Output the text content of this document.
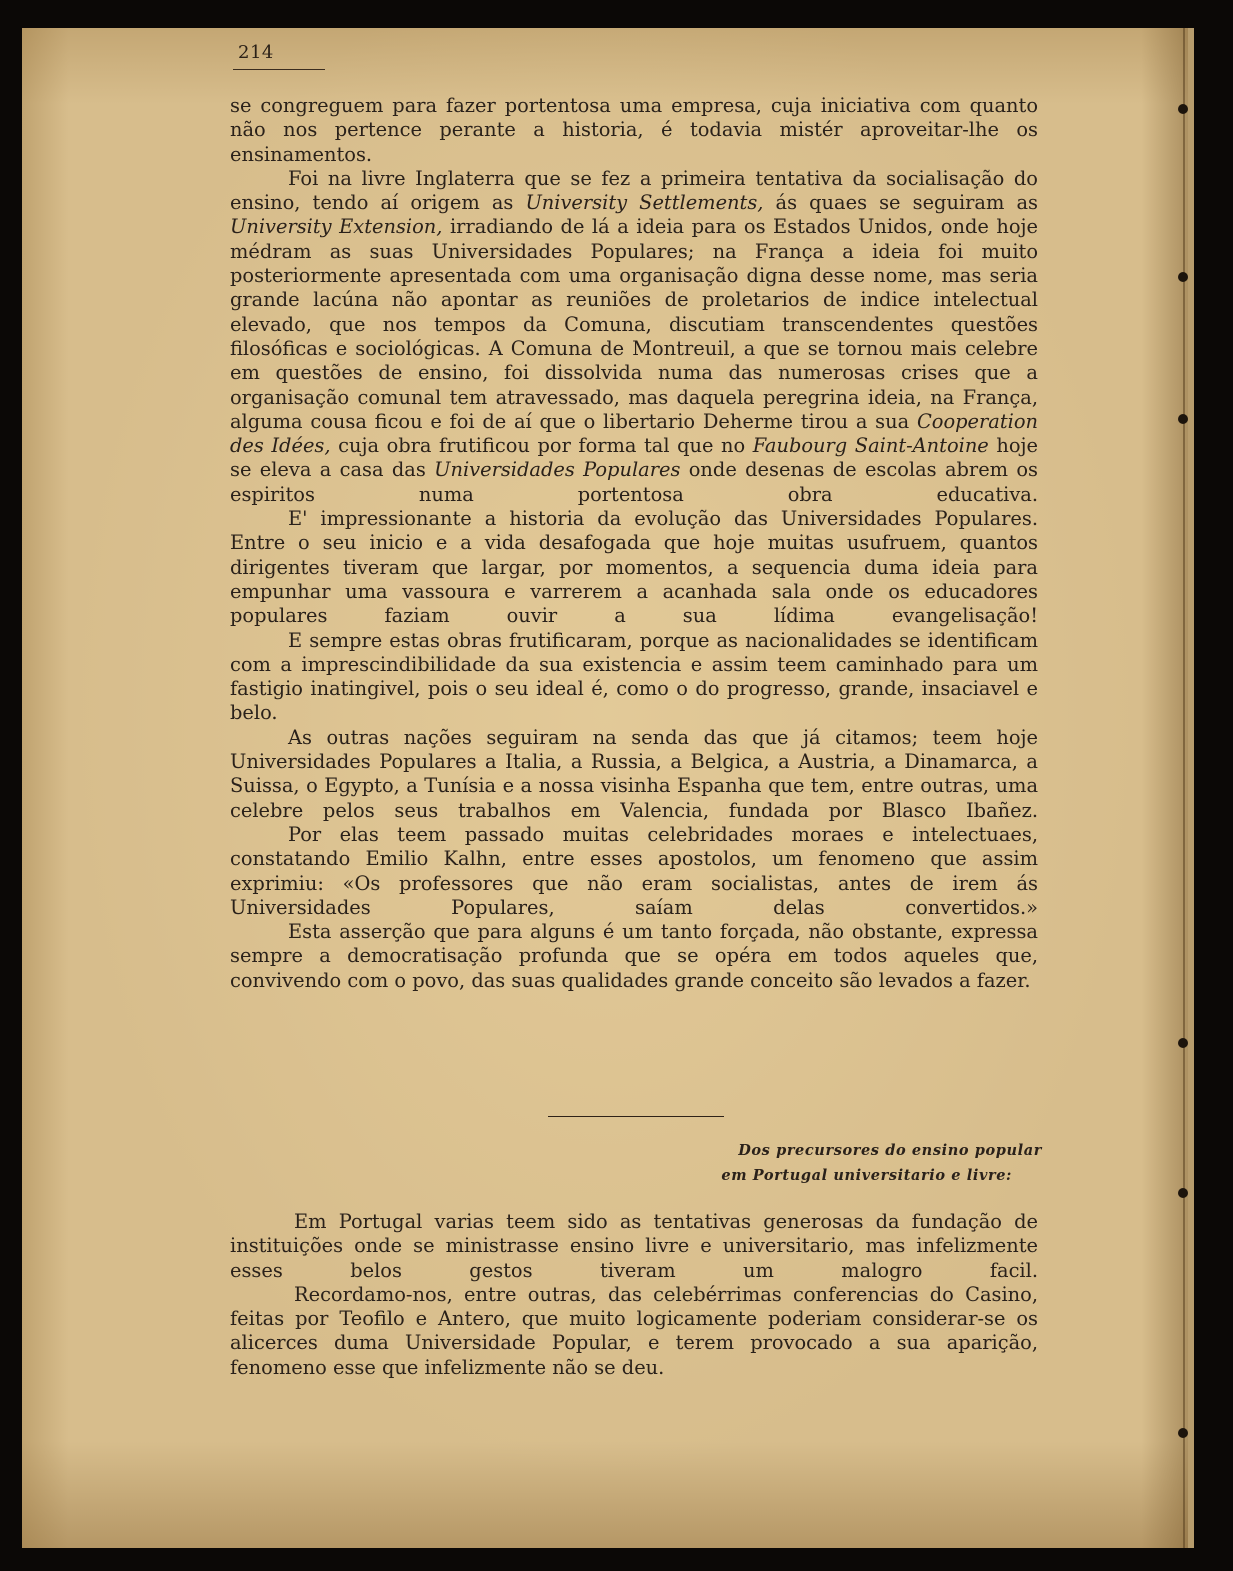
214

se congreguem para fazer portentosa uma empresa, cuja iniciativa com quanto não nos pertence perante a historia, é todavia mistér aproveitar-lhe os ensinamentos.

Foi na livre Inglaterra que se fez a primeira tentativa da socialisação do ensino, tendo aí origem as University Settlements, ás quaes se seguiram as University Extension, irradiando de lá a ideia para os Estados Unidos, onde hoje médram as suas Universidades Populares; na França a ideia foi muito posteriormente apresentada com uma organisação digna desse nome, mas seria grande lacúna não apontar as reuniões de proletarios de indice intelectual elevado, que nos tempos da Comuna, discutiam transcendentes questões filosóficas e sociológicas. A Comuna de Montreuil, a que se tornou mais celebre em questões de ensino, foi dissolvida numa das numerosas crises que a organisação comunal tem atravessado, mas daquela peregrina ideia, na França, alguma cousa ficou e foi de aí que o libertario Deherme tirou a sua Cooperation des Idées, cuja obra frutificou por forma tal que no Faubourg Saint-Antoine hoje se eleva a casa das Universidades Populares onde desenas de escolas abrem os espiritos numa portentosa obra educativa.

E' impressionante a historia da evolução das Universidades Populares. Entre o seu inicio e a vida desafogada que hoje muitas usufruem, quantos dirigentes tiveram que largar, por momentos, a sequencia duma ideia para empunhar uma vassoura e varrerem a acanhada sala onde os educadores populares faziam ouvir a sua lídima evangelisação!

E sempre estas obras frutificaram, porque as nacionalidades se identificam com a imprescindibilidade da sua existencia e assim teem caminhado para um fastigio inatingivel, pois o seu ideal é, como o do progresso, grande, insaciavel e belo.

As outras nações seguiram na senda das que já citamos; teem hoje Universidades Populares a Italia, a Russia, a Belgica, a Austria, a Dinamarca, a Suissa, o Egypto, a Tunísia e a nossa visinha Espanha que tem, entre outras, uma celebre pelos seus trabalhos em Valencia, fundada por Blasco Ibañez.

Por elas teem passado muitas celebridades moraes e intelectuaes, constatando Emilio Kalhn, entre esses apostolos, um fenomeno que assim exprimiu: «Os professores que não eram socialistas, antes de irem ás Universidades Populares, saíam delas convertidos.»

Esta asserção que para alguns é um tanto forçada, não obstante, expressa sempre a democratisação profunda que se opéra em todos aqueles que, convivendo com o povo, das suas qualidades grande conceito são levados a fazer.

Dos precursores do ensino popular
em Portugal universitario e livre:

Em Portugal varias teem sido as tentativas generosas da fundação de instituições onde se ministrasse ensino livre e universitario, mas infelizmente esses belos gestos tiveram um malogro facil.

Recordamo-nos, entre outras, das celebérrimas conferencias do Casino, feitas por Teofilo e Antero, que muito logicamente poderiam considerar-se os alicerces duma Universidade Popular, e terem provocado a sua aparição, fenomeno esse que infelizmente não se deu.
